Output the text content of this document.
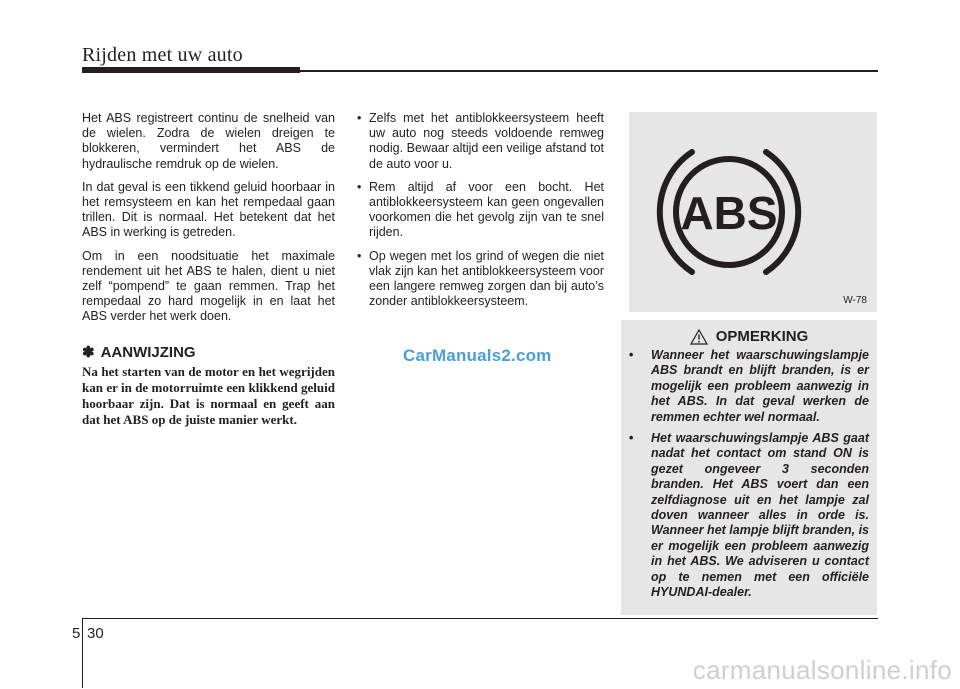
Rijden met uw auto

Het ABS registreert continu de snelheid van de wielen. Zodra de wielen dreigen te blokkeren, vermindert het ABS de hydraulische remdruk op de wielen.

In dat geval is een tikkend geluid hoorbaar in het remsysteem en kan het rempedaal gaan trillen. Dit is normaal. Het betekent dat het ABS in werking is getreden.

Om in een noodsituatie het maximale rendement uit het ABS te halen, dient u niet zelf “pompend” te gaan remmen. Trap het rempedaal zo hard mogelijk in en laat het ABS verder het werk doen.

✽ AANWIJZING
Na het starten van de motor en het wegrijden kan er in de motorruimte een klikkend geluid hoorbaar zijn. Dat is normaal en geeft aan dat het ABS op de juiste manier werkt.
• Zelfs met het antiblokkeersysteem heeft uw auto nog steeds voldoende remweg nodig. Bewaar altijd een veilige afstand tot de auto voor u.
• Rem altijd af voor een bocht. Het antiblokkeersysteem kan geen ongevallen voorkomen die het gevolg zijn van te snel rijden.
• Op wegen met los grind of wegen die niet vlak zijn kan het antiblokkeersysteem voor een langere remweg zorgen dan bij auto’s zonder antiblokkeersysteem.
ABS
W-78
OPMERKING
• Wanneer het waarschuwingslampje ABS brandt en blijft branden, is er mogelijk een probleem aanwezig in het ABS. In dat geval werken de remmen echter wel normaal.
• Het waarschuwingslampje ABS gaat nadat het contact om stand ON is gezet ongeveer 3 seconden branden. Het ABS voert dan een zelfdiagnose uit en het lampje zal doven wanneer alles in orde is. Wanneer het lampje blijft branden, is er mogelijk een probleem aanwezig in het ABS. We adviseren u contact op te nemen met een officiële HYUNDAI-dealer.
CarManuals2.com
5 30
carmanualsonline.info
